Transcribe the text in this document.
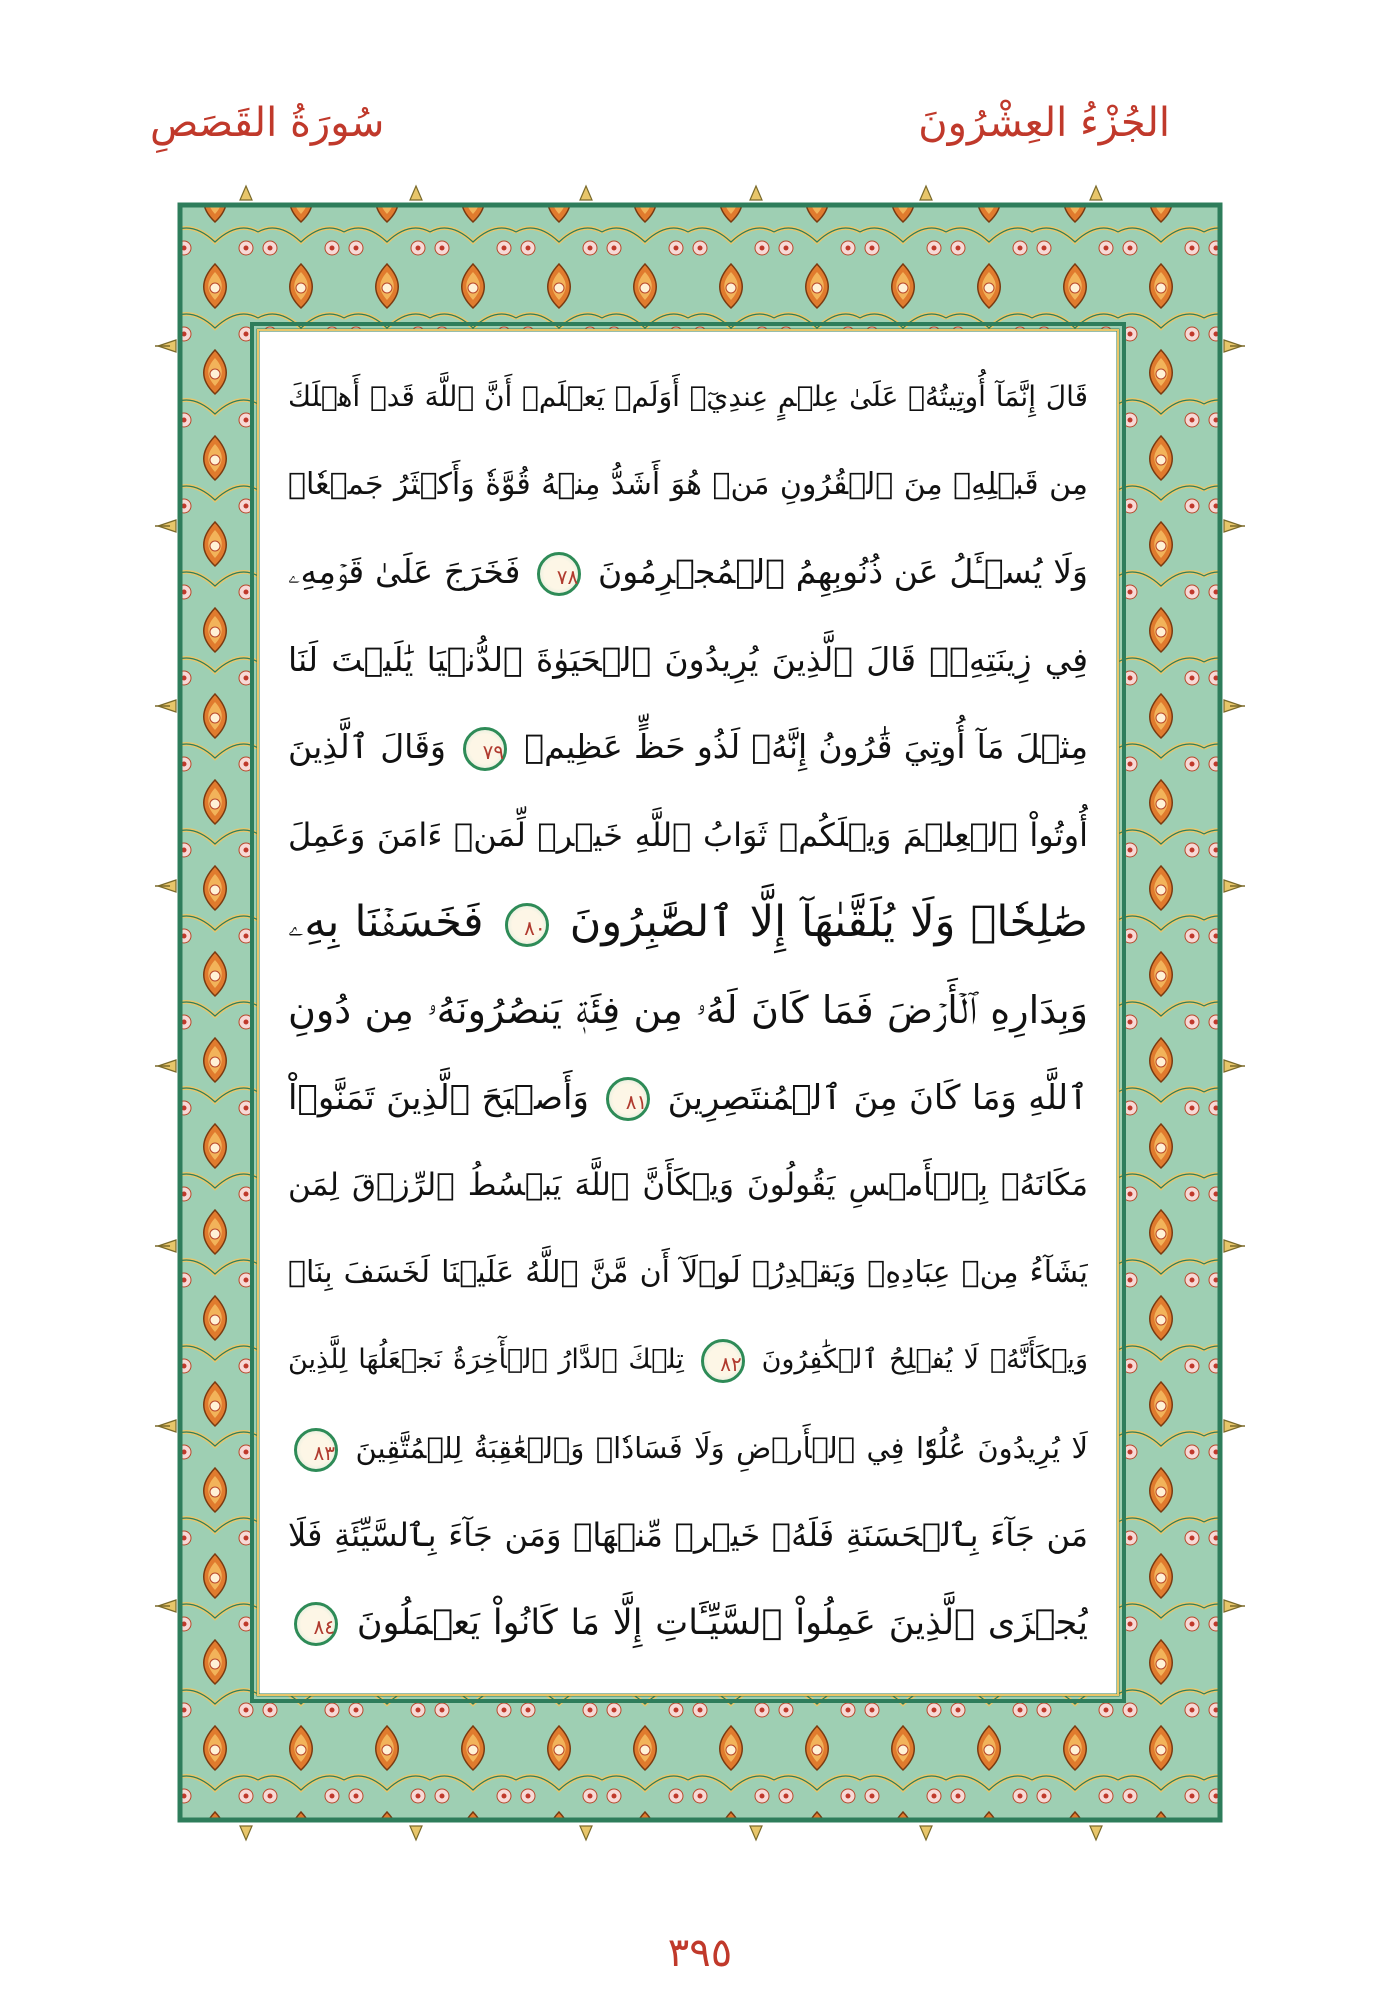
الجُزْءُ العِشْرُونَ
سُورَةُ القَصَصِ
قَالَ إِنَّمَآ أُوتِيتُهُۥ عَلَىٰ عِلۡمٍ عِندِيٓۚ أَوَلَمۡ يَعۡلَمۡ أَنَّ ٱللَّهَ قَدۡ أَهۡلَكَ
مِن قَبۡلِهِۦ مِنَ ٱلۡقُرُونِ مَنۡ هُوَ أَشَدُّ مِنۡهُ قُوَّةٗ وَأَكۡثَرُ جَمۡعٗاۚ
وَلَا يُسۡـَٔلُ عَن ذُنُوبِهِمُ ٱلۡمُجۡرِمُونَ ٧٨ فَخَرَجَ عَلَىٰ قَوۡمِهِۦ
فِي زِينَتِهِۦۖ قَالَ ٱلَّذِينَ يُرِيدُونَ ٱلۡحَيَوٰةَ ٱلدُّنۡيَا يَٰلَيۡتَ لَنَا
مِثۡلَ مَآ أُوتِيَ قَٰرُونُ إِنَّهُۥ لَذُو حَظٍّ عَظِيمٖ ٧٩ وَقَالَ ٱلَّذِينَ
أُوتُواْ ٱلۡعِلۡمَ وَيۡلَكُمۡ ثَوَابُ ٱللَّهِ خَيۡرٞ لِّمَنۡ ءَامَنَ وَعَمِلَ
صَٰلِحٗاۚ وَلَا يُلَقَّىٰهَآ إِلَّا ٱلصَّٰبِرُونَ ٨٠ فَخَسَفۡنَا بِهِۦ
وَبِدَارِهِ ٱلۡأَرۡضَ فَمَا كَانَ لَهُۥ مِن فِئَةٖ يَنصُرُونَهُۥ مِن دُونِ
ٱللَّهِ وَمَا كَانَ مِنَ ٱلۡمُنتَصِرِينَ ٨١ وَأَصۡبَحَ ٱلَّذِينَ تَمَنَّوۡاْ
مَكَانَهُۥ بِٱلۡأَمۡسِ يَقُولُونَ وَيۡكَأَنَّ ٱللَّهَ يَبۡسُطُ ٱلرِّزۡقَ لِمَن
يَشَآءُ مِنۡ عِبَادِهِۦ وَيَقۡدِرُۖ لَوۡلَآ أَن مَّنَّ ٱللَّهُ عَلَيۡنَا لَخَسَفَ بِنَاۖ
وَيۡكَأَنَّهُۥ لَا يُفۡلِحُ ٱلۡكَٰفِرُونَ ٨٢ تِلۡكَ ٱلدَّارُ ٱلۡأٓخِرَةُ نَجۡعَلُهَا لِلَّذِينَ
لَا يُرِيدُونَ عُلُوّٗا فِي ٱلۡأَرۡضِ وَلَا فَسَادٗاۚ وَٱلۡعَٰقِبَةُ لِلۡمُتَّقِينَ ٨٣
مَن جَآءَ بِٱلۡحَسَنَةِ فَلَهُۥ خَيۡرٞ مِّنۡهَاۖ وَمَن جَآءَ بِٱلسَّيِّئَةِ فَلَا
يُجۡزَى ٱلَّذِينَ عَمِلُواْ ٱلسَّيِّـَٔاتِ إِلَّا مَا كَانُواْ يَعۡمَلُونَ ٨٤
٣٩٥
